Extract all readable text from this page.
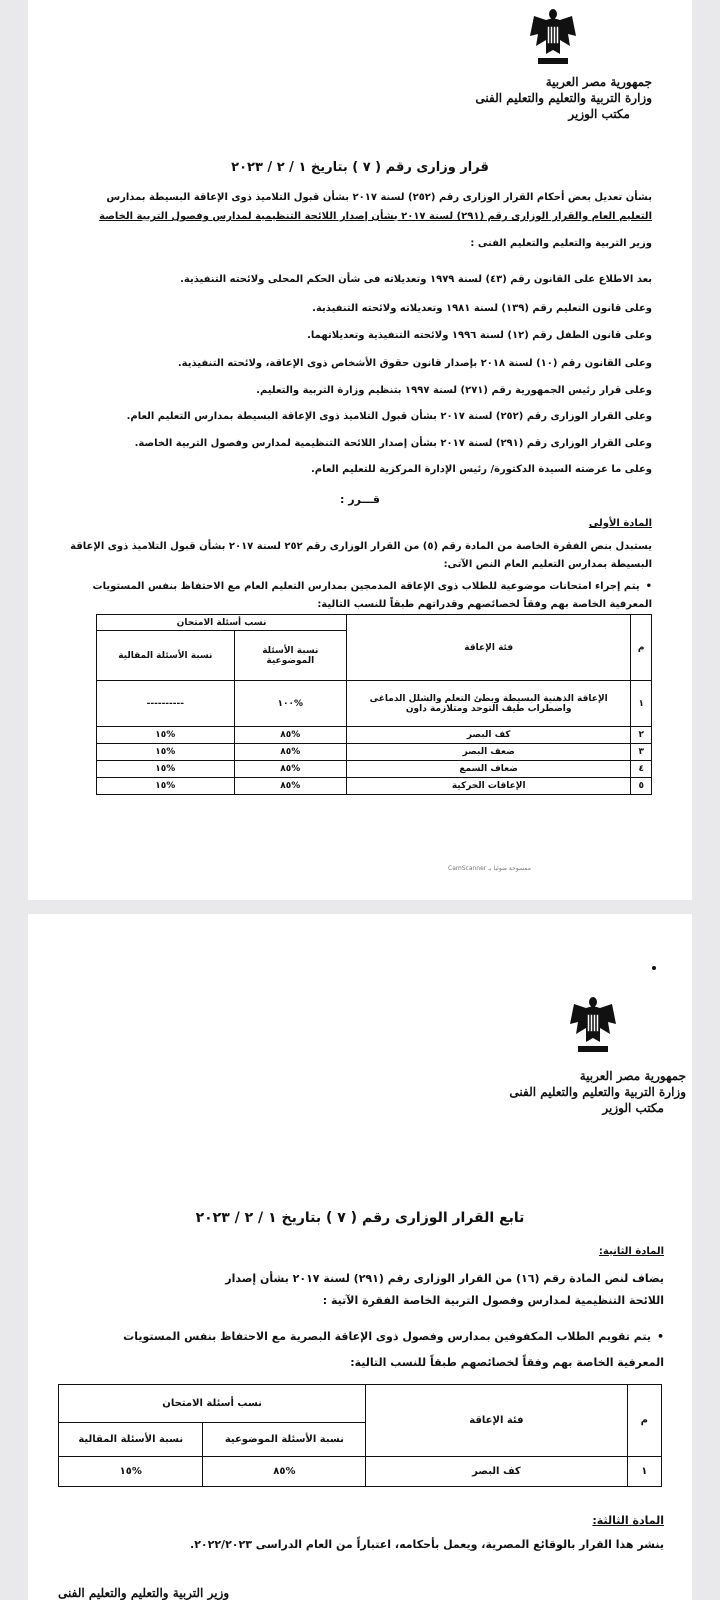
جمهورية مصر العربية
وزارة التربية والتعليم والتعليم الفنى
مكتب الوزير
قرار وزارى رقم ( ٧ ) بتاريخ ١ / ٢ / ٢٠٢٣
بشأن تعديل بعض أحكام القرار الوزارى رقم (٢٥٢) لسنة ٢٠١٧ بشأن قبول التلاميذ ذوى الإعاقة البسيطة بمدارس
التعليم العام والقرار الوزارى رقم (٢٩١) لسنة ٢٠١٧ بشأن إصدار اللائحة التنظيمية لمدارس وفصول التربية الخاصة
وزير التربية والتعليم والتعليم الفنى :
بعد الاطلاع على القانون رقم (٤٣) لسنة ١٩٧٩ وتعديلاته فى شأن الحكم المحلى ولائحته التنفيذية.
وعلى قانون التعليم رقم (١٣٩) لسنة ١٩٨١ وتعديلاته ولائحته التنفيذية.
وعلى قانون الطفل رقم (١٢) لسنة ١٩٩٦ ولائحته التنفيذية وتعديلاتهما.
وعلى القانون رقم (١٠) لسنة ٢٠١٨ بإصدار قانون حقوق الأشخاص ذوى الإعاقة، ولائحته التنفيذية.
وعلى قرار رئيس الجمهورية رقم (٢٧١) لسنة ١٩٩٧ بتنظيم وزارة التربية والتعليم.
وعلى القرار الوزارى رقم (٢٥٢) لسنة ٢٠١٧ بشأن قبول التلاميذ ذوى الإعاقة البسيطة بمدارس التعليم العام.
وعلى القرار الوزارى رقم (٢٩١) لسنة ٢٠١٧ بشأن إصدار اللائحة التنظيمية لمدارس وفصول التربية الخاصة.
وعلى ما عرضته السيدة الدكتورة/ رئيس الإدارة المركزية للتعليم العام.
قـــرر :
المادة الأولى
يستبدل بنص الفقرة الخاصة من المادة رقم (٥) من القرار الوزارى رقم ٢٥٢ لسنة ٢٠١٧ بشأن قبول التلاميذ ذوى الإعاقة البسيطة بمدارس التعليم العام النص الآتى:
•يتم إجراء امتحانات موضوعية للطلاب ذوى الإعاقة المدمجين بمدارس التعليم العام مع الاحتفاظ بنفس المستويات المعرفية الخاصة بهم وفقاً لخصائصهم وقدراتهم طبقاً للنسب التالية:
م	فئة الإعاقة	نسب أسئلة الامتحان	
		نسبة الأسئلة الموضوعية	نسبة الأسئلة المقالية
١	الإعاقة الذهنية البسيطة وبطئ التعلم والشلل الدماغى واضطراب طيف التوحد ومتلازمة داون	%١٠٠	----------
٢	كف البصر	%٨٥	%١٥
٣	ضعف البصر	%٨٥	%١٥
٤	ضعاف السمع	%٨٥	%١٥
٥	الإعاقات الحركية	%٨٥	%١٥
CamScanner ممسوحة ضوئيا بـ
جمهورية مصر العربية
وزارة التربية والتعليم والتعليم الفنى
مكتب الوزير
تابع القرار الوزارى رقم ( ٧ ) بتاريخ ١ / ٢ / ٢٠٢٣
المادة الثانية:
يضاف لنص المادة رقم (١٦) من القرار الوزارى رقم (٢٩١) لسنة ٢٠١٧ بشأن إصدار
اللائحة التنظيمية لمدارس وفصول التربية الخاصة الفقرة الآتية :
•يتم تقويم الطلاب المكفوفين بمدارس وفصول ذوى الإعاقة البصرية مع الاحتفاظ بنفس المستويات
المعرفية الخاصة بهم وفقاً لخصائصهم طبقاً للنسب التالية:
م	فئة الإعاقة	نسب أسئلة الامتحان	
		نسبة الأسئلة الموضوعية	نسبة الأسئلة المقالية
١	كف البصر	%٨٥	%١٥
المادة الثالثة:
ينشر هذا القرار بالوقائع المصرية، ويعمل بأحكامه، اعتباراً من العام الدراسى ٢٠٢٢/٢٠٢٣.
وزير التربية والتعليم والتعليم الفنى
